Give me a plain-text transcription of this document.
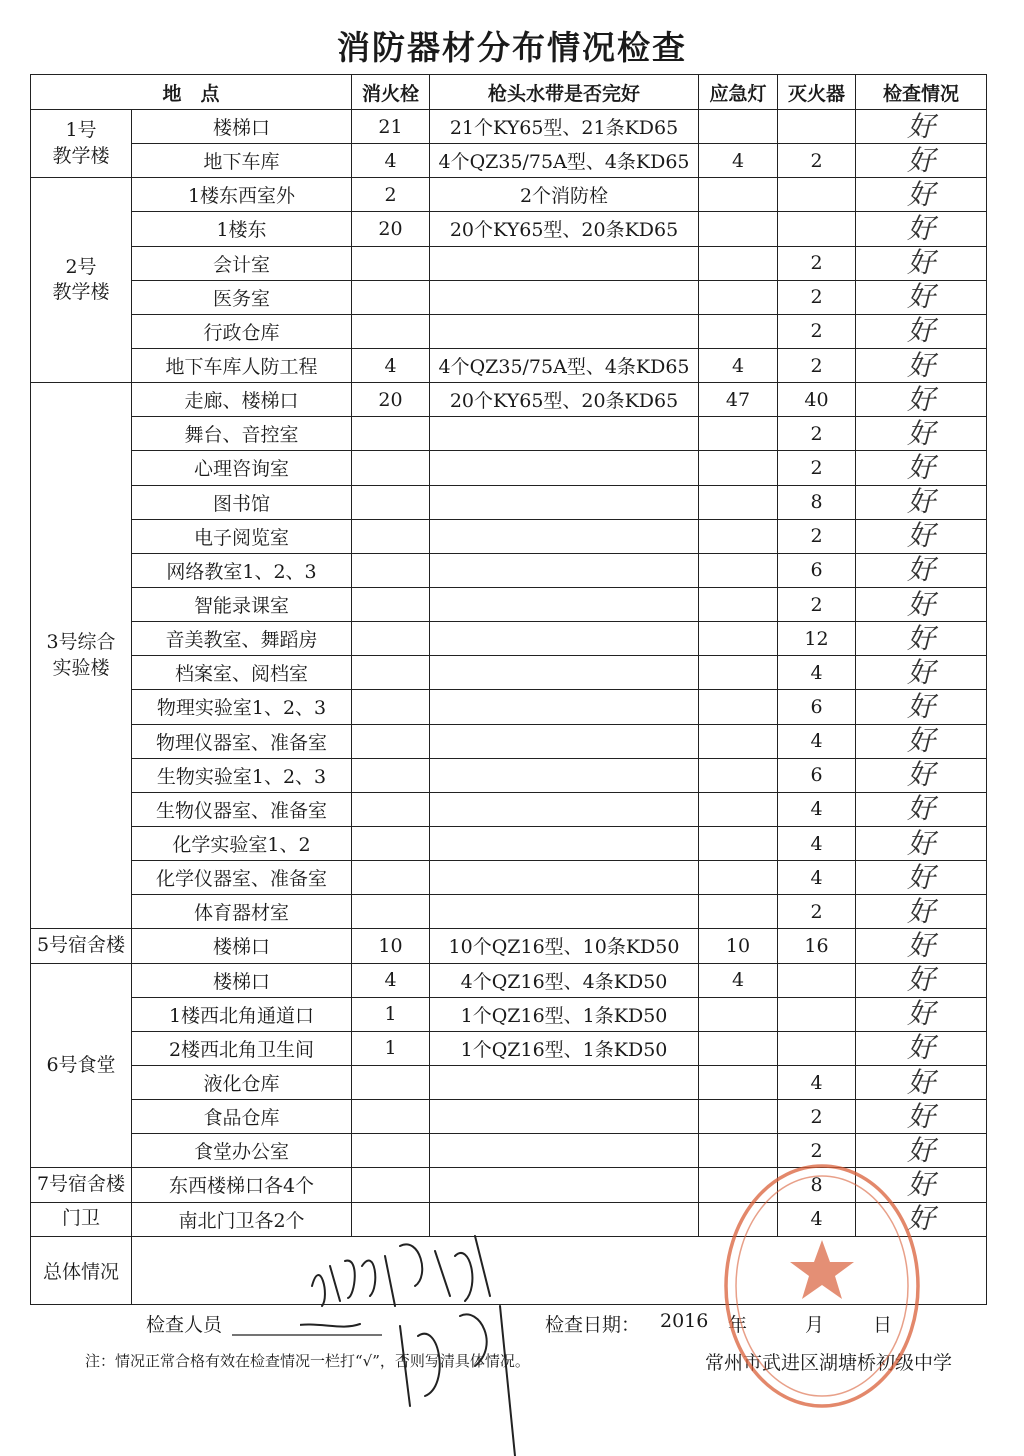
消防器材分布情况检查
地　点		消火栓	枪头水带是否完好	应急灯	灭火器	检查情况
1号
教学楼	楼梯口	21	21个KY65型、21条KD65			好
	地下车库	4	4个QZ35/75A型、4条KD65	4	2	好
2号
教学楼	1楼东西室外	2	2个消防栓			好
	1楼东	20	20个KY65型、20条KD65			好
	会计室				2	好
	医务室				2	好
	行政仓库				2	好
	地下车库人防工程	4	4个QZ35/75A型、4条KD65	4	2	好
3号综合
实验楼	走廊、楼梯口	20	20个KY65型、20条KD65	47	40	好
	舞台、音控室				2	好
	心理咨询室				2	好
	图书馆				8	好
	电子阅览室				2	好
	网络教室1、2、3				6	好
	智能录课室				2	好
	音美教室、舞蹈房				12	好
	档案室、阅档室				4	好
	物理实验室1、2、3				6	好
	物理仪器室、准备室				4	好
	生物实验室1、2、3				6	好
	生物仪器室、准备室				4	好
	化学实验室1、2				4	好
	化学仪器室、准备室				4	好
	体育器材室				2	好
5号宿舍楼	楼梯口	10	10个QZ16型、10条KD50	10	16	好
6号食堂	楼梯口	4	4个QZ16型、4条KD50	4		好
	1楼西北角通道口	1	1个QZ16型、1条KD50			好
	2楼西北角卫生间	1	1个QZ16型、1条KD50			好
	液化仓库				4	好
	食品仓库				2	好
	食堂办公室				2	好
7号宿舍楼	东西楼梯口各4个				8	好
门卫	南北门卫各2个				4	好
总体情况						
检查人员	检查日期： 2016 年	月	日
注：情况正常合格有效在检查情况一栏打“√”，否则写清具体情况。	常州市武进区湖塘桥初级中学
